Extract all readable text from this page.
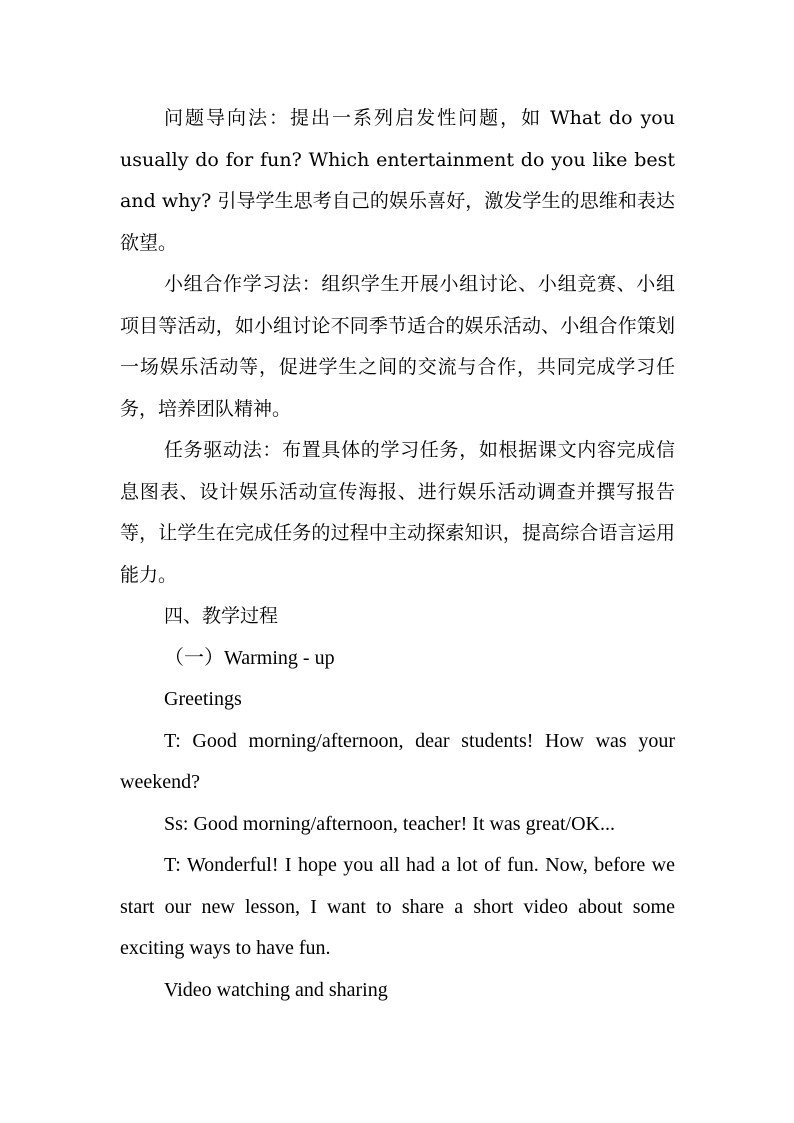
问题导向法：提出一系列启发性问题，如 What do you usually do for fun? Which entertainment do you like best and why? 引导学生思考自己的娱乐喜好，激发学生的思维和表达欲望。

小组合作学习法：组织学生开展小组讨论、小组竞赛、小组项目等活动，如小组讨论不同季节适合的娱乐活动、小组合作策划一场娱乐活动等，促进学生之间的交流与合作，共同完成学习任务，培养团队精神。

任务驱动法：布置具体的学习任务，如根据课文内容完成信息图表、设计娱乐活动宣传海报、进行娱乐活动调查并撰写报告等，让学生在完成任务的过程中主动探索知识，提高综合语言运用能力。

四、教学过程

（一）Warming - up

Greetings

T: Good morning/afternoon, dear students! How was your weekend?

Ss: Good morning/afternoon, teacher! It was great/OK...

T: Wonderful! I hope you all had a lot of fun. Now, before we start our new lesson, I want to share a short video about some exciting ways to have fun.

Video watching and sharing
